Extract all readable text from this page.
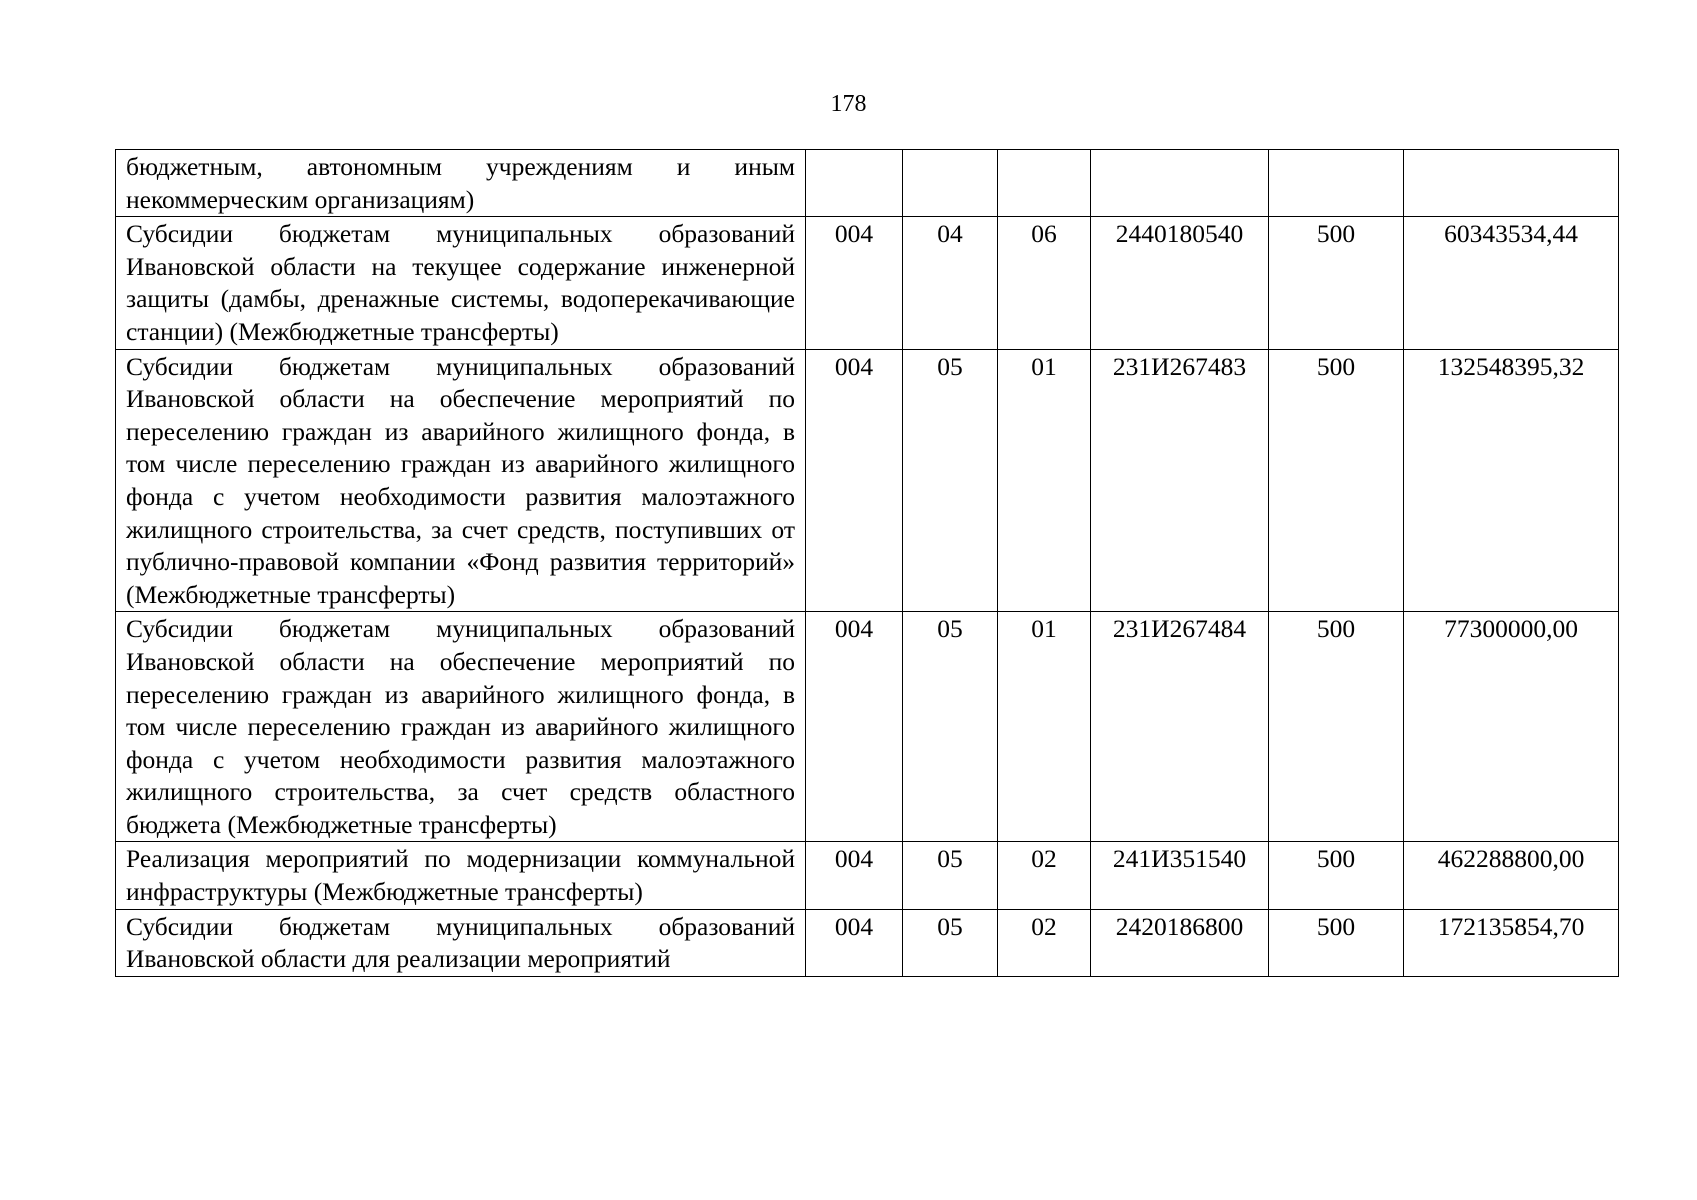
178
бюджетным, автономным учреждениям и иным некоммерческим организациям)						
Субсидии бюджетам муниципальных образований Ивановской области на текущее содержание инженерной защиты (дамбы, дренажные системы, водоперекачивающие станции) (Межбюджетные трансферты)	004	04	06	2440180540	500	60343534,44
Субсидии бюджетам муниципальных образований Ивановской области на обеспечение мероприятий по переселению граждан из аварийного жилищного фонда, в том числе переселению граждан из аварийного жилищного фонда с учетом необходимости развития малоэтажного жилищного строительства, за счет средств, поступивших от публично-правовой компании «Фонд развития территорий» (Межбюджетные трансферты)	004	05	01	231И267483	500	132548395,32
Субсидии бюджетам муниципальных образований Ивановской области на обеспечение мероприятий по переселению граждан из аварийного жилищного фонда, в том числе переселению граждан из аварийного жилищного фонда с учетом необходимости развития малоэтажного жилищного строительства, за счет средств областного бюджета (Межбюджетные трансферты)	004	05	01	231И267484	500	77300000,00
Реализация мероприятий по модернизации коммунальной инфраструктуры (Межбюджетные трансферты)	004	05	02	241И351540	500	462288800,00
Субсидии бюджетам муниципальных образований Ивановской области для реализации мероприятий	004	05	02	2420186800	500	172135854,70
